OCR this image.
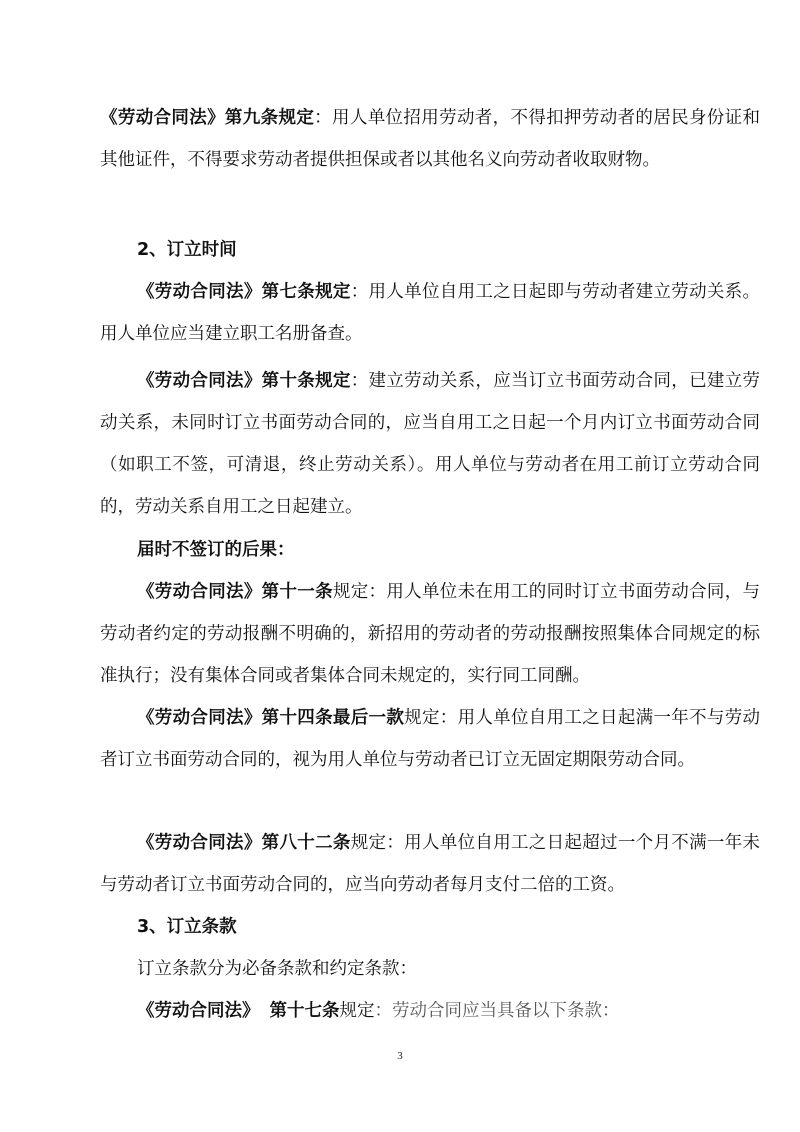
《劳动合同法》第九条规定：用人单位招用劳动者，不得扣押劳动者的居民身份证和其他证件，不得要求劳动者提供担保或者以其他名义向劳动者收取财物。

2、订立时间

《劳动合同法》第七条规定：用人单位自用工之日起即与劳动者建立劳动关系。用人单位应当建立职工名册备查。

《劳动合同法》第十条规定：建立劳动关系，应当订立书面劳动合同，已建立劳动关系，未同时订立书面劳动合同的，应当自用工之日起一个月内订立书面劳动合同（如职工不签，可清退，终止劳动关系）。用人单位与劳动者在用工前订立劳动合同的，劳动关系自用工之日起建立。

届时不签订的后果：

《劳动合同法》第十一条规定：用人单位未在用工的同时订立书面劳动合同，与劳动者约定的劳动报酬不明确的，新招用的劳动者的劳动报酬按照集体合同规定的标准执行；没有集体合同或者集体合同未规定的，实行同工同酬。

《劳动合同法》第十四条最后一款规定：用人单位自用工之日起满一年不与劳动者订立书面劳动合同的，视为用人单位与劳动者已订立无固定期限劳动合同。

《劳动合同法》第八十二条规定：用人单位自用工之日起超过一个月不满一年未与劳动者订立书面劳动合同的，应当向劳动者每月支付二倍的工资。

3、订立条款

订立条款分为必备条款和约定条款：

《劳动合同法》 第十七条规定：劳动合同应当具备以下条款：

3
